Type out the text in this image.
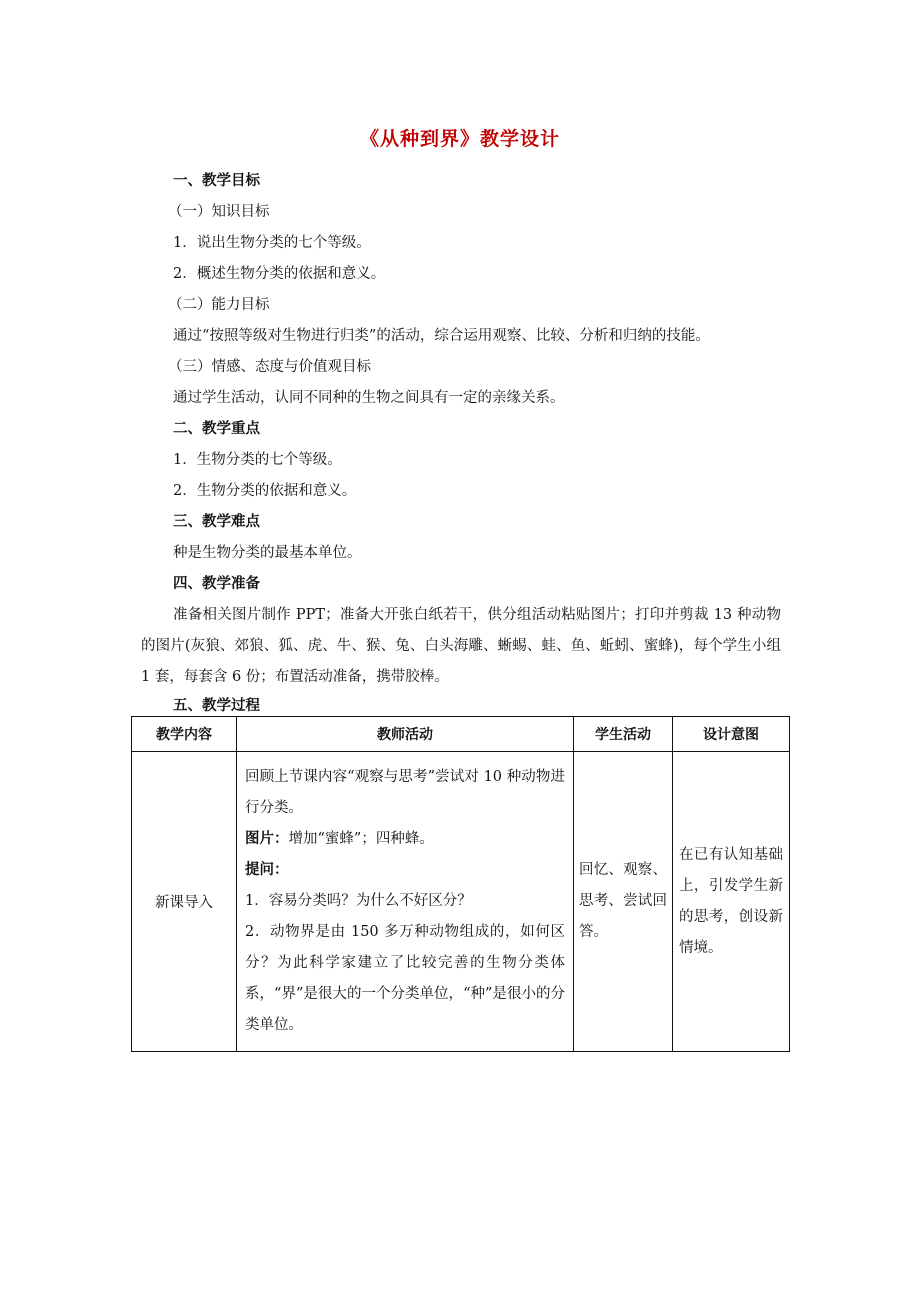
《从种到界》教学设计
一、教学目标
（一）知识目标
1．说出生物分类的七个等级。
2．概述生物分类的依据和意义。
（二）能力目标
通过“按照等级对生物进行归类”的活动，综合运用观察、比较、分析和归纳的技能。
（三）情感、态度与价值观目标
通过学生活动，认同不同种的生物之间具有一定的亲缘关系。
二、教学重点
1．生物分类的七个等级。
2．生物分类的依据和意义。
三、教学难点
种是生物分类的最基本单位。
四、教学准备
准备相关图片制作 PPT；准备大开张白纸若干，供分组活动粘贴图片；打印并剪裁 13 种动物的图片(灰狼、郊狼、狐、虎、牛、猴、兔、白头海雕、蜥蜴、蛙、鱼、蚯蚓、蜜蜂)，每个学生小组 1 套，每套含 6 份；布置活动准备，携带胶棒。
五、教学过程
教学内容	教师活动	学生活动	设计意图
新课导入	回顾上节课内容“观察与思考”尝试对 10 种动物进行分类。

图片：增加“蜜蜂”；四种蜂。

提问：

1．容易分类吗？为什么不好区分？

2．动物界是由 150 多万种动物组成的，如何区分？为此科学家建立了比较完善的生物分类体系，“界”是很大的一个分类单位，“种”是很小的分类单位。	回忆、观察、思考、尝试回答。	在已有认知基础上，引发学生新的思考，创设新情境。
